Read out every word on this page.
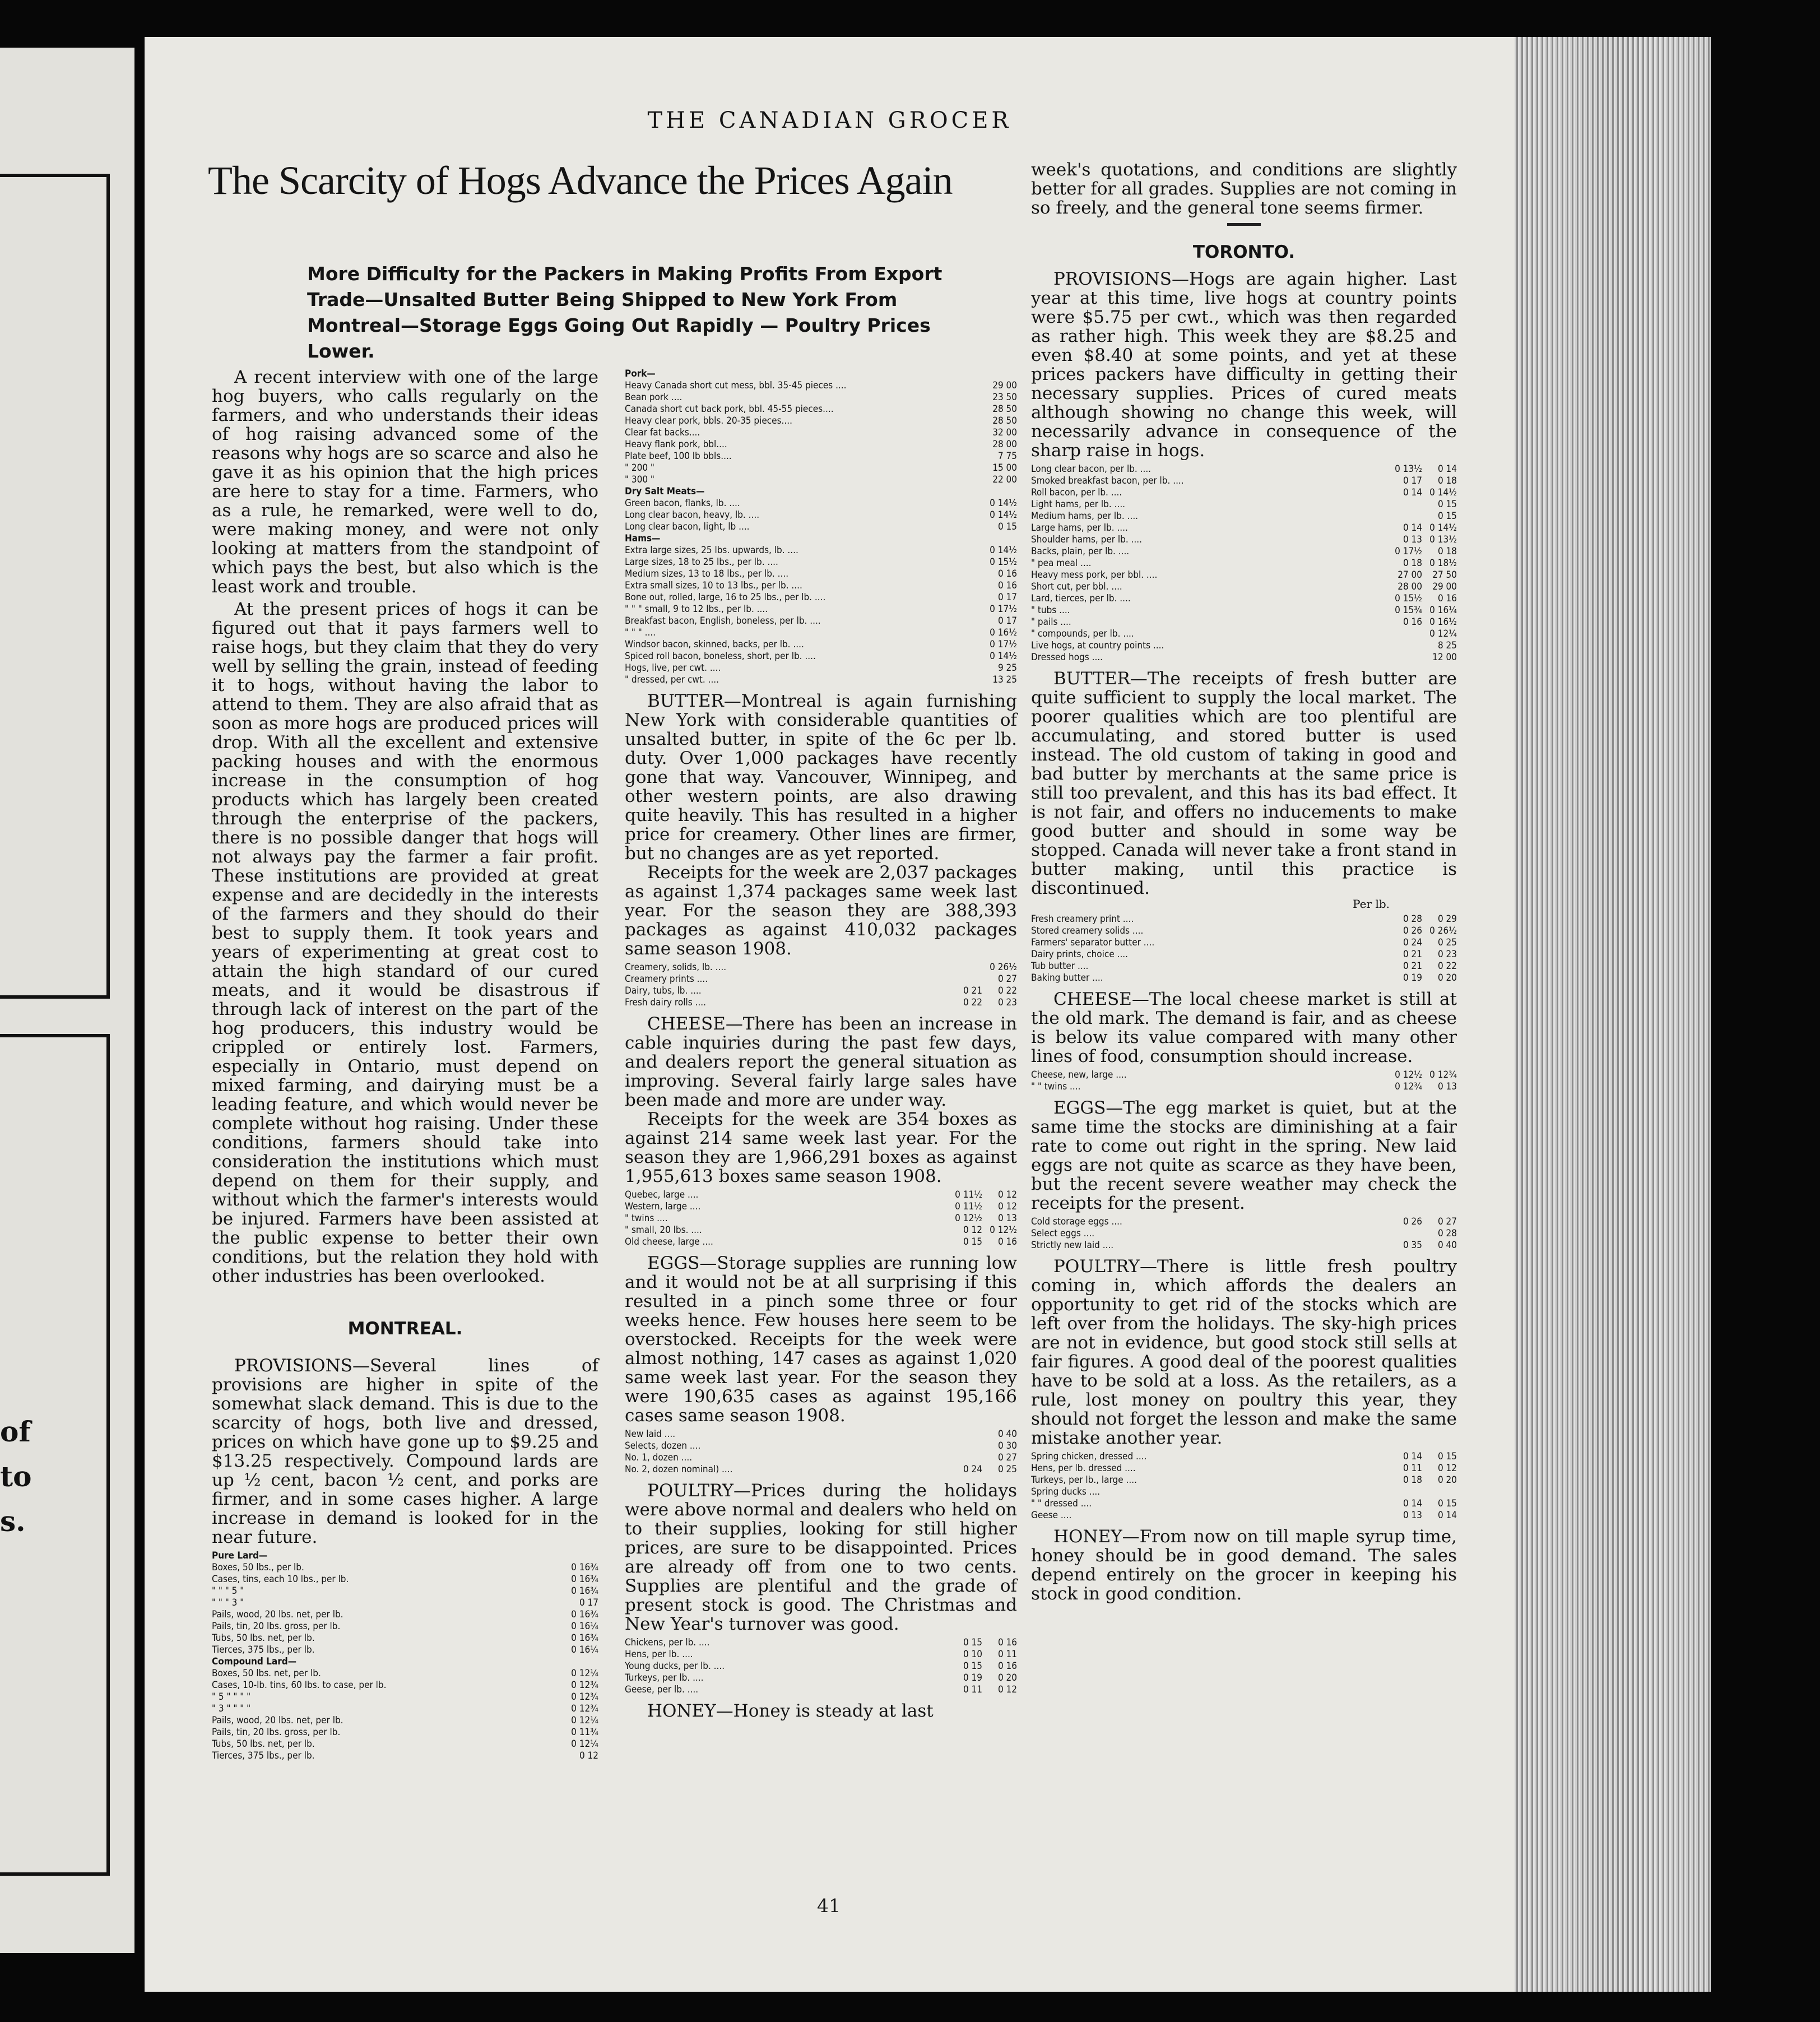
of
to
s.
THE CANADIAN GROCER
The Scarcity of Hogs Advance the Prices Again
More Difficulty for the Packers in Making Profits From Export Trade—Unsalted Butter Being Shipped to New York From Montreal—Storage Eggs Going Out Rapidly — Poultry Prices Lower.

A recent interview with one of the large hog buyers, who calls regularly on the farmers, and who understands their ideas of hog raising advanced some of the reasons why hogs are so scarce and also he gave it as his opinion that the high prices are here to stay for a time. Farmers, who as a rule, he remarked, were well to do, were making money, and were not only looking at matters from the standpoint of which pays the best, but also which is the least work and trouble.

At the present prices of hogs it can be figured out that it pays farmers well to raise hogs, but they claim that they do very well by selling the grain, instead of feeding it to hogs, without having the labor to attend to them. They are also afraid that as soon as more hogs are produced prices will drop. With all the excellent and extensive packing houses and with the enormous increase in the consumption of hog products which has largely been created through the enterprise of the packers, there is no possible danger that hogs will not always pay the farmer a fair profit. These institutions are provided at great expense and are decidedly in the interests of the farmers and they should do their best to supply them. It took years and years of experimenting at great cost to attain the high standard of our cured meats, and it would be disastrous if through lack of interest on the part of the hog producers, this industry would be crippled or entirely lost. Farmers, especially in Ontario, must depend on mixed farming, and dairying must be a leading feature, and which would never be complete without hog raising. Under these conditions, farmers should take into consideration the institutions which must depend on them for their supply, and without which the farmer's interests would be injured. Farmers have been assisted at the public expense to better their own conditions, but the relation they hold with other industries has been overlooked.

MONTREAL.

PROVISIONS—Several lines of provisions are higher in spite of the somewhat slack demand. This is due to the scarcity of hogs, both live and dressed, prices on which have gone up to $9.25 and $13.25 respectively. Compound lards are up ½ cent, bacon ½ cent, and porks are firmer, and in some cases higher. A large increase in demand is looked for in the near future.

Pure Lard—	
Boxes, 50 lbs., per lb.	0 16¾
Cases, tins, each 10 lbs., per lb.	0 16¾
" " " 5 "	0 16¾
" " " 3 "	0 17
Pails, wood, 20 lbs. net, per lb.	0 16¾
Pails, tin, 20 lbs. gross, per lb.	0 16¼
Tubs, 50 lbs. net, per lb.	0 16¾
Tierces, 375 lbs., per lb.	0 16¼
Compound Lard—	
Boxes, 50 lbs. net, per lb.	0 12¼
Cases, 10-lb. tins, 60 lbs. to case, per lb.	0 12¾
" 5 " " " "	0 12¾
" 3 " " " "	0 12¾
Pails, wood, 20 lbs. net, per lb.	0 12¼
Pails, tin, 20 lbs. gross, per lb.	0 11¾
Tubs, 50 lbs. net, per lb.	0 12¼
Tierces, 375 lbs., per lb.	0 12
Pork—	
Heavy Canada short cut mess, bbl. 35-45 pieces ....	29 00
Bean pork ....	23 50
Canada short cut back pork, bbl. 45-55 pieces....	28 50
Heavy clear pork, bbls. 20-35 pieces....	28 50
Clear fat backs....	32 00
Heavy flank pork, bbl....	28 00
Plate beef, 100 lb bbls....	7 75
" 200 "	15 00
" 300 "	22 00
Dry Salt Meats—	
Green bacon, flanks, lb. ....	0 14½
Long clear bacon, heavy, lb. ....	0 14½
Long clear bacon, light, lb ....	0 15
Hams—	
Extra large sizes, 25 lbs. upwards, lb. ....	0 14½
Large sizes, 18 to 25 lbs., per lb. ....	0 15½
Medium sizes, 13 to 18 lbs., per lb. ....	0 16
Extra small sizes, 10 to 13 lbs., per lb. ....	0 16
Bone out, rolled, large, 16 to 25 lbs., per lb. ....	0 17
" " " small, 9 to 12 lbs., per lb. ....	0 17½
Breakfast bacon, English, boneless, per lb. ....	0 17
" " " ....	0 16½
Windsor bacon, skinned, backs, per lb. ....	0 17½
Spiced roll bacon, boneless, short, per lb. ....	0 14½
Hogs, live, per cwt. ....	9 25
" dressed, per cwt. ....	13 25

BUTTER—Montreal is again furnishing New York with considerable quantities of unsalted butter, in spite of the 6c per lb. duty. Over 1,000 packages have recently gone that way. Vancouver, Winnipeg, and other western points, are also drawing quite heavily. This has resulted in a higher price for creamery. Other lines are firmer, but no changes are as yet reported.

Receipts for the week are 2,037 packages as against 1,374 packages same week last year. For the season they are 388,393 packages as against 410,032 packages same season 1908.

Creamery, solids, lb. ....		0 26½
Creamery prints ....		0 27
Dairy, tubs, lb. ....	0 21	0 22
Fresh dairy rolls ....	0 22	0 23

CHEESE—There has been an increase in cable inquiries during the past few days, and dealers report the general situation as improving. Several fairly large sales have been made and more are under way.

Receipts for the week are 354 boxes as against 214 same week last year. For the season they are 1,966,291 boxes as against 1,955,613 boxes same season 1908.

Quebec, large ....	0 11½	0 12
Western, large ....	0 11½	0 12
" twins ....	0 12½	0 13
" small, 20 lbs. ....	0 12	0 12½
Old cheese, large ....	0 15	0 16

EGGS—Storage supplies are running low and it would not be at all surprising if this resulted in a pinch some three or four weeks hence. Few houses here seem to be overstocked. Receipts for the week were almost nothing, 147 cases as against 1,020 same week last year. For the season they were 190,635 cases as against 195,166 cases same season 1908.

New laid ....		0 40
Selects, dozen ....		0 30
No. 1, dozen ....		0 27
No. 2, dozen nominal) ....	0 24	0 25

POULTRY—Prices during the holidays were above normal and dealers who held on to their supplies, looking for still higher prices, are sure to be disappointed. Prices are already off from one to two cents. Supplies are plentiful and the grade of present stock is good. The Christmas and New Year's turnover was good.

Chickens, per lb. ....	0 15	0 16
Hens, per lb. ....	0 10	0 11
Young ducks, per lb. ....	0 15	0 16
Turkeys, per lb. ....	0 19	0 20
Geese, per lb. ....	0 11	0 12

HONEY—Honey is steady at last

week's quotations, and conditions are slightly better for all grades. Supplies are not coming in so freely, and the general tone seems firmer.

TORONTO.

PROVISIONS—Hogs are again higher. Last year at this time, live hogs at country points were $5.75 per cwt., which was then regarded as rather high. This week they are $8.25 and even $8.40 at some points, and yet at these prices packers have difficulty in getting their necessary supplies. Prices of cured meats although showing no change this week, will necessarily advance in consequence of the sharp raise in hogs.

Long clear bacon, per lb. ....	0 13½	0 14
Smoked breakfast bacon, per lb. ....	0 17	0 18
Roll bacon, per lb. ....	0 14	0 14½
Light hams, per lb. ....		0 15
Medium hams, per lb. ....		0 15
Large hams, per lb. ....	0 14	0 14½
Shoulder hams, per lb. ....	0 13	0 13½
Backs, plain, per lb. ....	0 17½	0 18
" pea meal ....	0 18	0 18½
Heavy mess pork, per bbl. ....	27 00	27 50
Short cut, per bbl. ....	28 00	29 00
Lard, tierces, per lb. ....	0 15½	0 16
" tubs ....	0 15¾	0 16¼
" pails ....	0 16	0 16½
" compounds, per lb. ....		0 12¼
Live hogs, at country points ....		8 25
Dressed hogs ....		12 00

BUTTER—The receipts of fresh butter are quite sufficient to supply the local market. The poorer qualities which are too plentiful are accumulating, and stored butter is used instead. The old custom of taking in good and bad butter by merchants at the same price is still too prevalent, and this has its bad effect. It is not fair, and offers no inducements to make good butter and should in some way be stopped. Canada will never take a front stand in butter making, until this practice is discontinued.

Per lb.
Fresh creamery print ....	0 28	0 29
Stored creamery solids ....	0 26	0 26½
Farmers' separator butter ....	0 24	0 25
Dairy prints, choice ....	0 21	0 23
Tub butter ....	0 21	0 22
Baking butter ....	0 19	0 20

CHEESE—The local cheese market is still at the old mark. The demand is fair, and as cheese is below its value compared with many other lines of food, consumption should increase.

Cheese, new, large ....	0 12½	0 12¾
" " twins ....	0 12¾	0 13

EGGS—The egg market is quiet, but at the same time the stocks are diminishing at a fair rate to come out right in the spring. New laid eggs are not quite as scarce as they have been, but the recent severe weather may check the receipts for the present.

Cold storage eggs ....	0 26	0 27
Select eggs ....		0 28
Strictly new laid ....	0 35	0 40

POULTRY—There is little fresh poultry coming in, which affords the dealers an opportunity to get rid of the stocks which are left over from the holidays. The sky-high prices are not in evidence, but good stock still sells at fair figures. A good deal of the poorest qualities have to be sold at a loss. As the retailers, as a rule, lost money on poultry this year, they should not forget the lesson and make the same mistake another year.

Spring chicken, dressed ....	0 14	0 15
Hens, per lb. dressed ....	0 11	0 12
Turkeys, per lb., large ....	0 18	0 20
Spring ducks ....		
" " dressed ....	0 14	0 15
Geese ....	0 13	0 14

HONEY—From now on till maple syrup time, honey should be in good demand. The sales depend entirely on the grocer in keeping his stock in good condition.

41
